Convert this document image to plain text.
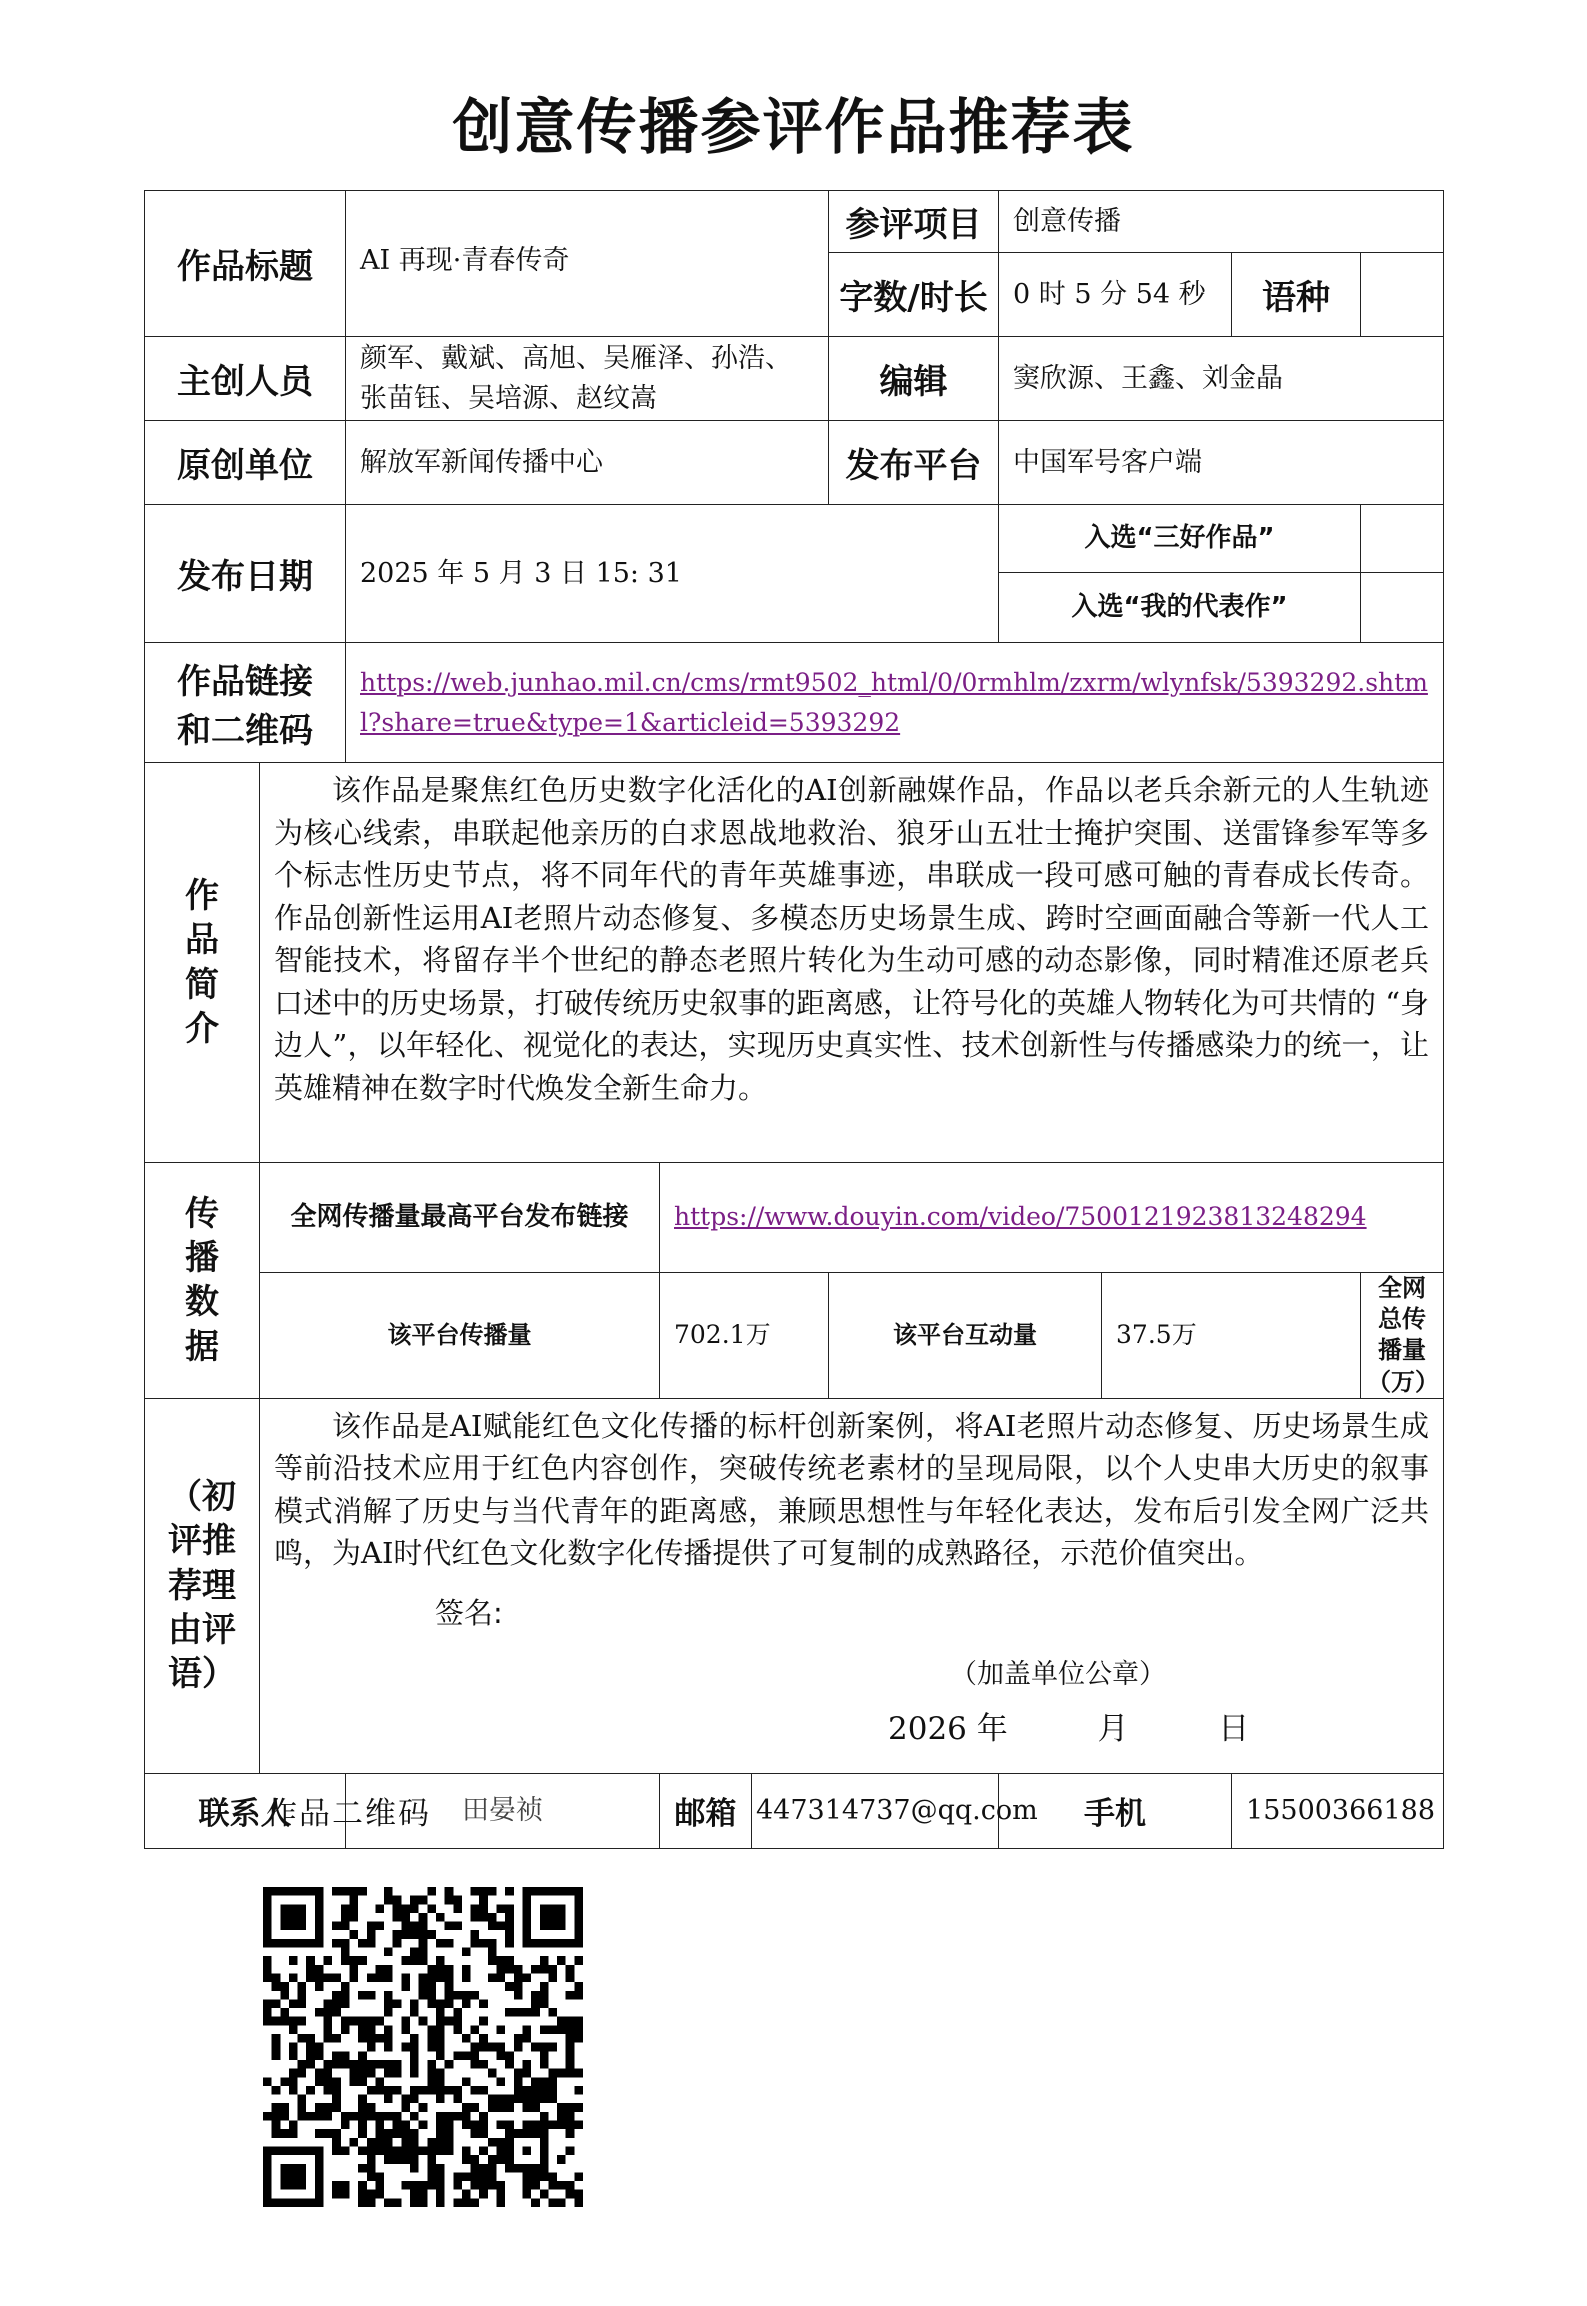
创意传播参评作品推荐表
作品标题		AI 再现·青春传奇			参评项目	创意传播				
					字数/时长	0 时 5 分 54 秒		语种		
主创人员		颜军、戴斌、高旭、吴雁泽、孙浩、张苗钰、吴培源、赵纹嵩			编辑	窦欣源、王鑫、刘金晶				
原创单位		解放军新闻传播中心			发布平台	中国军号客户端				
发布日期		2025 年 5 月 3 日 15: 31				入选“三好作品”				
						入选“我的代表作”				

作品链接
和二维码		https://web.junhao.mil.cn/cms/rmt9502_html/0/0rmhlm/zxrm/wlynfsk/5393292.shtml?share=true&type=1&articleid=5393292								

作品简介	该作品是聚焦红色历史数字化活化的AI创新融媒作品，作品以老兵余新元的人生轨迹为核心线索，串联起他亲历的白求恩战地救治、狼牙山五壮士掩护突围、送雷锋参军等多个标志性历史节点，将不同年代的青年英雄事迹，串联成一段可感可触的青春成长传奇。作品创新性运用AI老照片动态修复、多模态历史场景生成、跨时空画面融合等新一代人工智能技术，将留存半个世纪的静态老照片转化为生动可感的动态影像，同时精准还原老兵口述中的历史场景，打破传统历史叙事的距离感，让符号化的英雄人物转化为可共情的 “身边人”，以年轻化、视觉化的表达，实现历史真实性、技术创新性与传播感染力的统一，让英雄精神在数字时代焕发全新生命力。									

传播数据	全网传播量最高平台发布链接		https://www.douyin.com/video/7500121923813248294							
	该平台传播量		702.1万		该平台互动量		37.5万		全网总传播量（万）	

（初评推荐理由评语）	该作品是AI赋能红色文化传播的标杆创新案例，将AI老照片动态修复、历史场景生成等前沿技术应用于红色内容创作，突破传统老素材的呈现局限，以个人史串大历史的叙事模式消解了历史与当代青年的距离感，兼顾思想性与年轻化表达，发布后引发全网广泛共鸣，为AI时代红色文化数字化传播提供了可复制的成熟路径，示范价值突出。
签名:
（加盖单位公章）
2026 年 月 日									

联系人		田晏祯	邮箱	447314737@qq.com		手机		15500366188		
作品二维码
